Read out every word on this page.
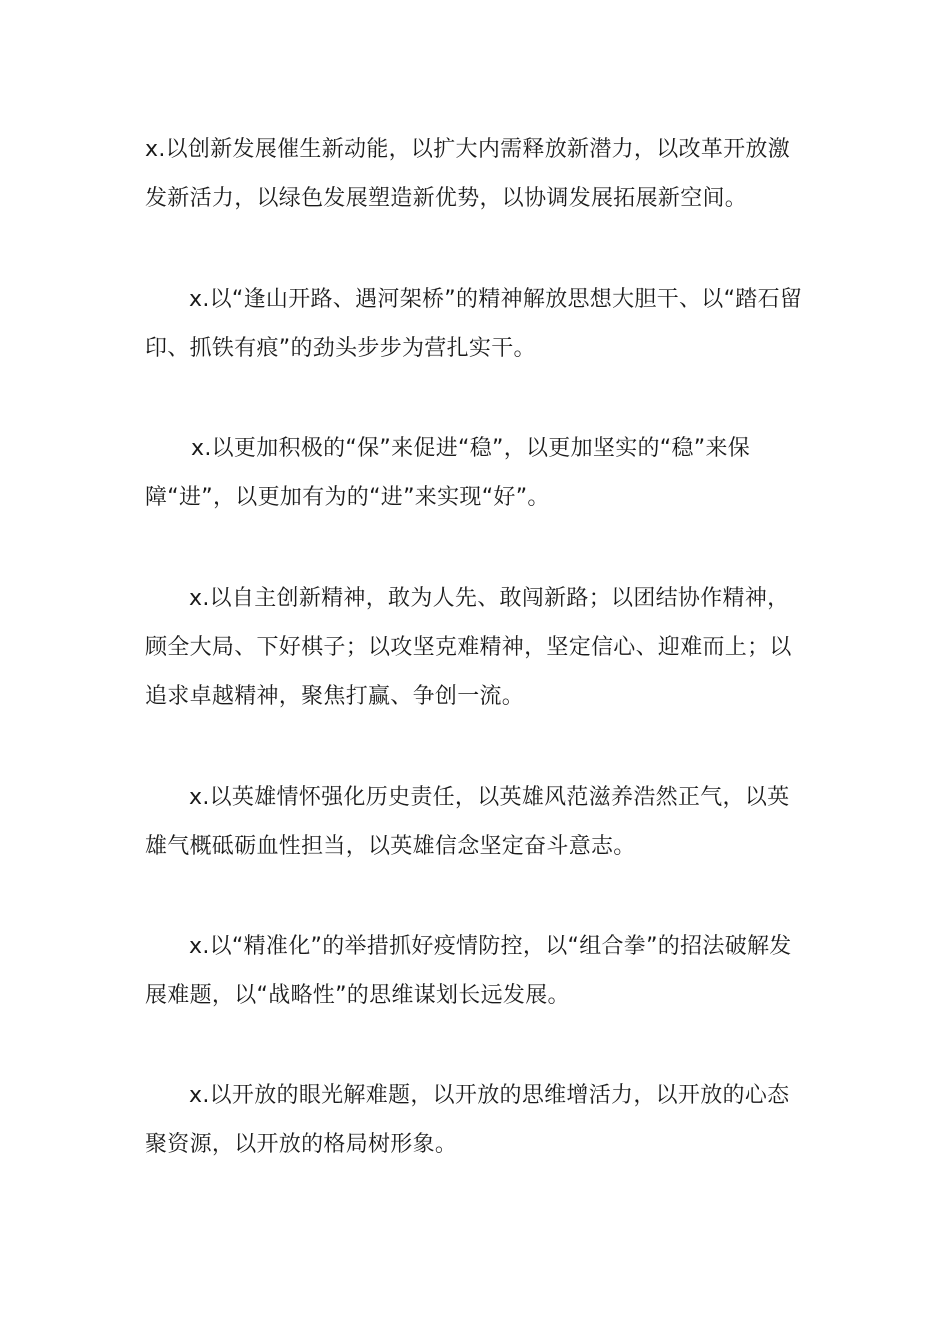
x.以创新发展催生新动能，以扩大内需释放新潜力，以改革开放激发新活力，以绿色发展塑造新优势，以协调发展拓展新空间。

x.以“逢山开路、遇河架桥”的精神解放思想大胆干、以“踏石留印、抓铁有痕”的劲头步步为营扎实干。

x.以更加积极的“保”来促进“稳”，以更加坚实的“稳”来保障“进”，以更加有为的“进”来实现“好”。

x.以自主创新精神，敢为人先、敢闯新路；以团结协作精神，顾全大局、下好棋子；以攻坚克难精神，坚定信心、迎难而上；以追求卓越精神，聚焦打赢、争创一流。

x.以英雄情怀强化历史责任，以英雄风范滋养浩然正气，以英雄气概砥砺血性担当，以英雄信念坚定奋斗意志。

x.以“精准化”的举措抓好疫情防控，以“组合拳”的招法破解发展难题，以“战略性”的思维谋划长远发展。

x.以开放的眼光解难题，以开放的思维增活力，以开放的心态聚资源，以开放的格局树形象。
